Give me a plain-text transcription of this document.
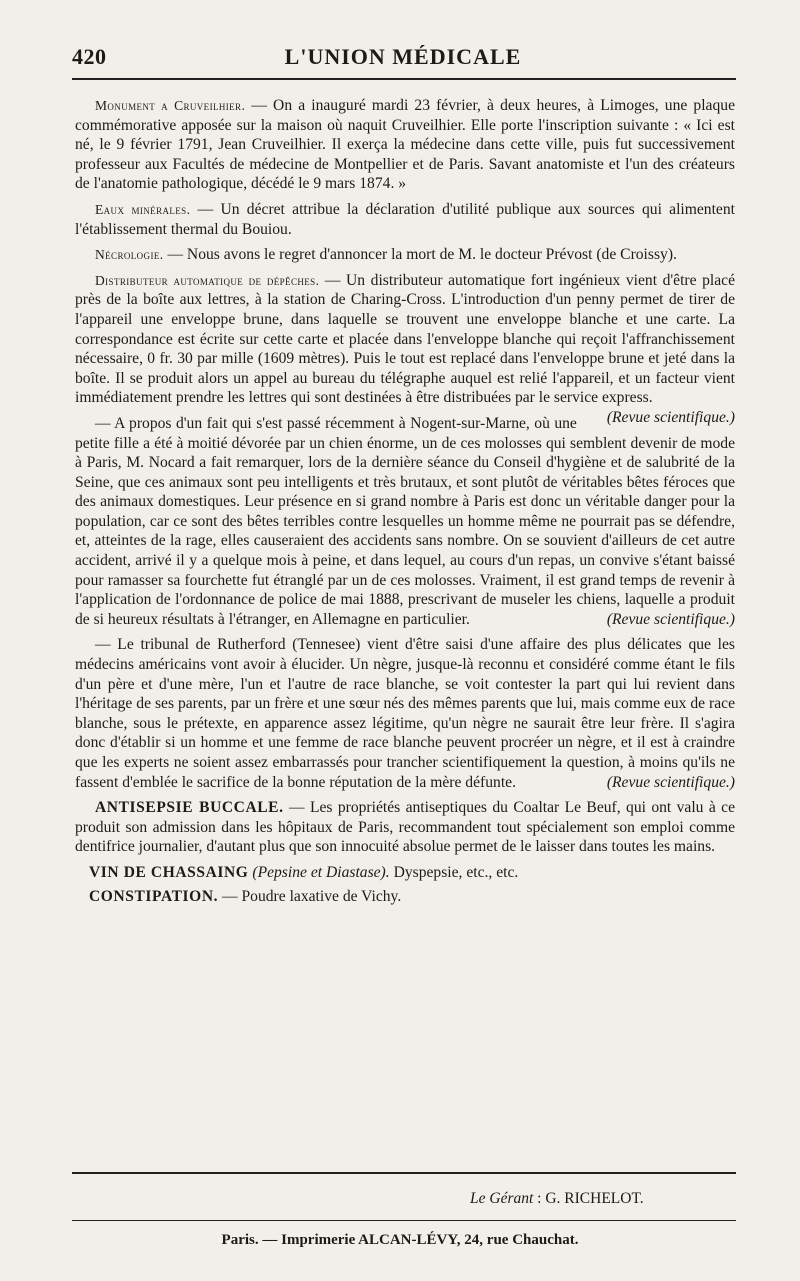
420	L'UNION MÉDICALE

Monument a Cruveilhier. — On a inauguré mardi 23 février, à deux heures, à Limoges, une plaque commémorative apposée sur la maison où naquit Cruveilhier. Elle porte l'inscription suivante : « Ici est né, le 9 février 1791, Jean Cruveilhier. Il exerça la médecine dans cette ville, puis fut successivement professeur aux Facultés de médecine de Montpellier et de Paris. Savant anatomiste et l'un des créateurs de l'anatomie pathologique, décédé le 9 mars 1874. »

Eaux minérales. — Un décret attribue la déclaration d'utilité publique aux sources qui alimentent l'établissement thermal du Bouiou.

Nécrologie. — Nous avons le regret d'annoncer la mort de M. le docteur Prévost (de Croissy).

Distributeur automatique de dépêches. — Un distributeur automatique fort ingénieux vient d'être placé près de la boîte aux lettres, à la station de Charing-Cross. L'introduction d'un penny permet de tirer de l'appareil une enveloppe brune, dans laquelle se trouvent une enveloppe blanche et une carte. La correspondance est écrite sur cette carte et placée dans l'enveloppe blanche qui reçoit l'affranchissement nécessaire, 0 fr. 30 par mille (1609 mètres). Puis le tout est replacé dans l'enveloppe brune et jeté dans la boîte. Il se produit alors un appel au bureau du télégraphe auquel est relié l'appareil, et un facteur vient immédiatement prendre les lettres qui sont destinées à être distribuées par le service express.
(Revue scientifique.)

— A propos d'un fait qui s'est passé récemment à Nogent-sur-Marne, où une petite fille a été à moitié dévorée par un chien énorme, un de ces molosses qui semblent devenir de mode à Paris, M. Nocard a fait remarquer, lors de la dernière séance du Conseil d'hygiène et de salubrité de la Seine, que ces animaux sont peu intelligents et très brutaux, et sont plutôt de véritables bêtes féroces que des animaux domestiques. Leur présence en si grand nombre à Paris est donc un véritable danger pour la population, car ce sont des bêtes terribles contre lesquelles un homme même ne pourrait pas se défendre, et, atteintes de la rage, elles causeraient des accidents sans nombre. On se souvient d'ailleurs de cet autre accident, arrivé il y a quelque mois à peine, et dans lequel, au cours d'un repas, un convive s'étant baissé pour ramasser sa fourchette fut étranglé par un de ces molosses. Vraiment, il est grand temps de revenir à l'application de l'ordonnance de police de mai 1888, prescrivant de museler les chiens, laquelle a produit de si heureux résultats à l'étranger, en Allemagne en particulier.	(Revue scientifique.)

— Le tribunal de Rutherford (Tennesee) vient d'être saisi d'une affaire des plus délicates que les médecins américains vont avoir à élucider. Un nègre, jusque-là reconnu et considéré comme étant le fils d'un père et d'une mère, l'un et l'autre de race blanche, se voit contester la part qui lui revient dans l'héritage de ses parents, par un frère et une sœur nés des mêmes parents que lui, mais comme eux de race blanche, sous le prétexte, en apparence assez légitime, qu'un nègre ne saurait être leur frère. Il s'agira donc d'établir si un homme et une femme de race blanche peuvent procréer un nègre, et il est à craindre que les experts ne soient assez embarrassés pour trancher scientifiquement la question, à moins qu'ils ne fassent d'emblée le sacrifice de la bonne réputation de la mère défunte.	(Revue scientifique.)

ANTISEPSIE BUCCALE. — Les propriétés antiseptiques du Coaltar Le Beuf, qui ont valu à ce produit son admission dans les hôpitaux de Paris, recommandent tout spécialement son emploi comme dentifrice journalier, d'autant plus que son innocuité absolue permet de le laisser dans toutes les mains.

VIN DE CHASSAING (Pepsine et Diastase). Dyspepsie, etc., etc.

CONSTIPATION. — Poudre laxative de Vichy.

Le Gérant : G. RICHELOT.
Paris. — Imprimerie ALCAN-LÉVY, 24, rue Chauchat.
